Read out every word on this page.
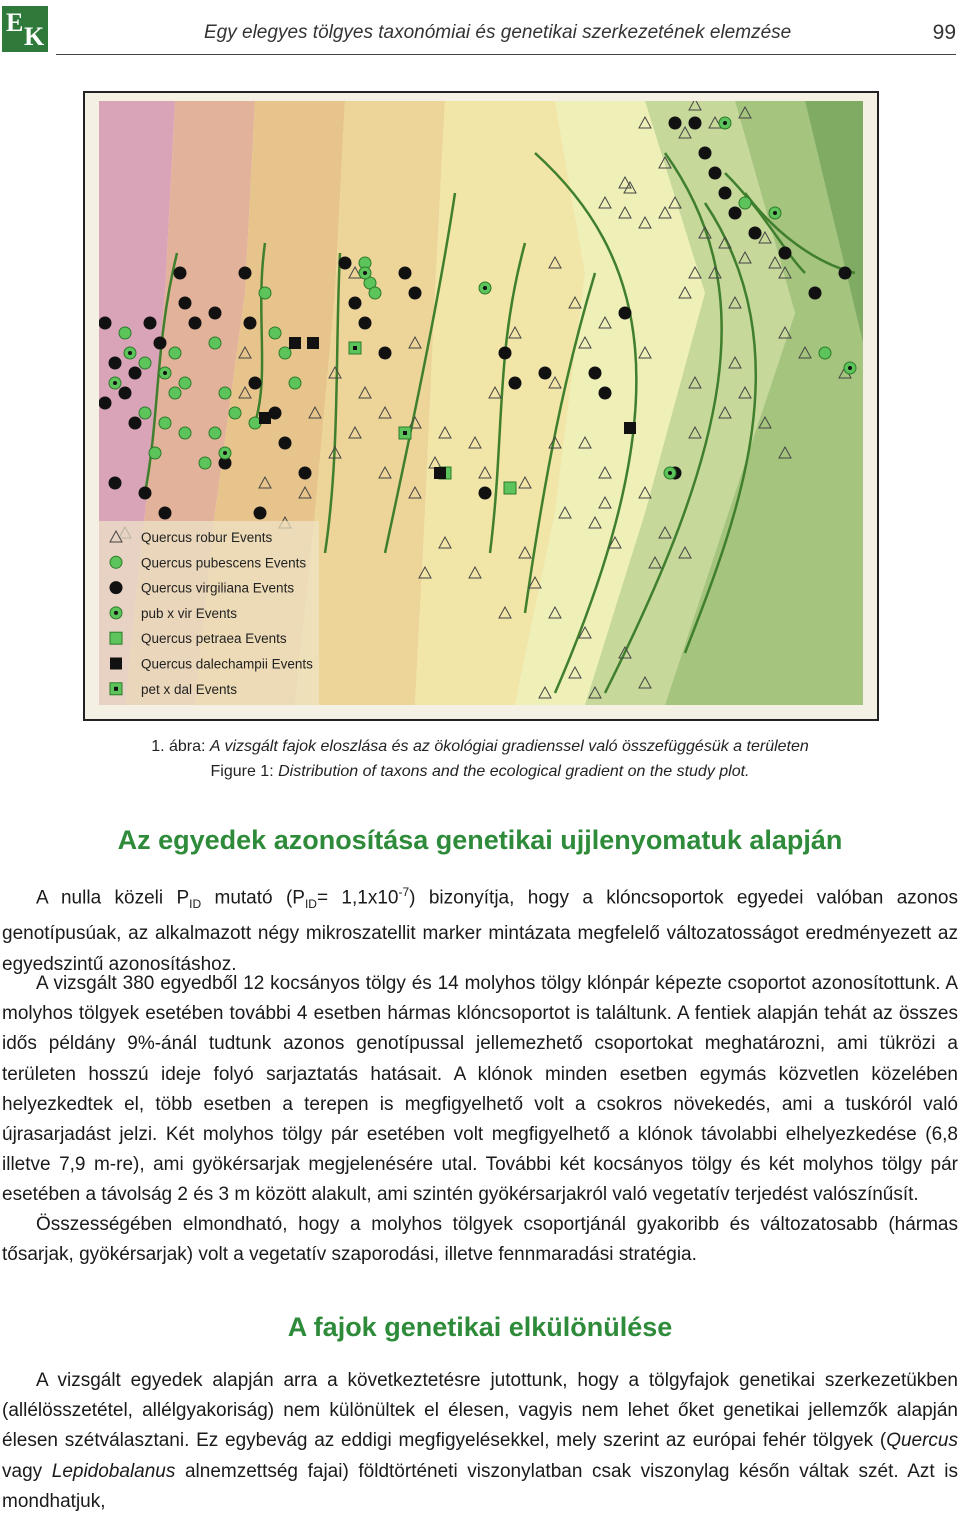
E K	Egy elegyes tölgyes taxonómiai és genetikai szerkezetének elemzése	99
Quercus robur Events
Quercus pubescens Events
Quercus virgiliana Events
pub x vir Events
Quercus petraea Events
Quercus dalechampii Events
pet x dal Events
1. ábra: A vizsgált fajok eloszlása és az ökológiai gradienssel való összefüggésük a területen
Figure 1: Distribution of taxons and the ecological gradient on the study plot.
Az egyedek azonosítása genetikai ujjlenyomatuk alapján

A nulla közeli $P_{ID}$ mutató $(P_{ID}= 1,1x10^{-7})$ bizonyítja, hogy a klóncsoportok egyedei valóban azonos genotípusúak, az alkalmazott négy mikroszatellit marker mintázata megfelelő változatosságot eredményezett az egyedszintű azonosításhoz.

A vizsgált 380 egyedből 12 kocsányos tölgy és 14 molyhos tölgy klónpár képezte csoportot azonosítottunk. A molyhos tölgyek esetében további 4 esetben hármas klóncsoportot is találtunk. A fentiek alapján tehát az összes idős példány 9%-ánál tudtunk azonos genotípussal jellemezhető csoportokat meghatározni, ami tükrözi a területen hosszú ideje folyó sarjaztatás hatásait. A klónok minden esetben egymás közvetlen közelében helyezkedtek el, több esetben a terepen is megfigyelhető volt a csokros növekedés, ami a tuskóról való újrasarjadást jelzi. Két molyhos tölgy pár esetében volt megfigyelhető a klónok távolabbi elhelyezkedése (6,8 illetve 7,9 m-re), ami gyökérsarjak megjelenésére utal. További két kocsányos tölgy és két molyhos tölgy pár esetében a távolság 2 és 3 m között alakult, ami szintén gyökérsarjakról való vegetatív terjedést valószínűsít.

Összességében elmondható, hogy a molyhos tölgyek csoportjánál gyakoribb és változatosabb (hármas tősarjak, gyökérsarjak) volt a vegetatív szaporodási, illetve fennmaradási stratégia.

A fajok genetikai elkülönülése

A vizsgált egyedek alapján arra a következtetésre jutottunk, hogy a tölgyfajok genetikai szerkezetükben (allélösszetétel, allélgyakoriság) nem különültek el élesen, vagyis nem lehet őket genetikai jellemzők alapján élesen szétválasztani. Ez egybevág az eddigi megfigyelésekkel, mely szerint az európai fehér tölgyek (Quercus vagy Lepidobalanus alnemzettség fajai) földtörténeti viszonylatban csak viszonylag későn váltak szét. Azt is mondhatjuk,
